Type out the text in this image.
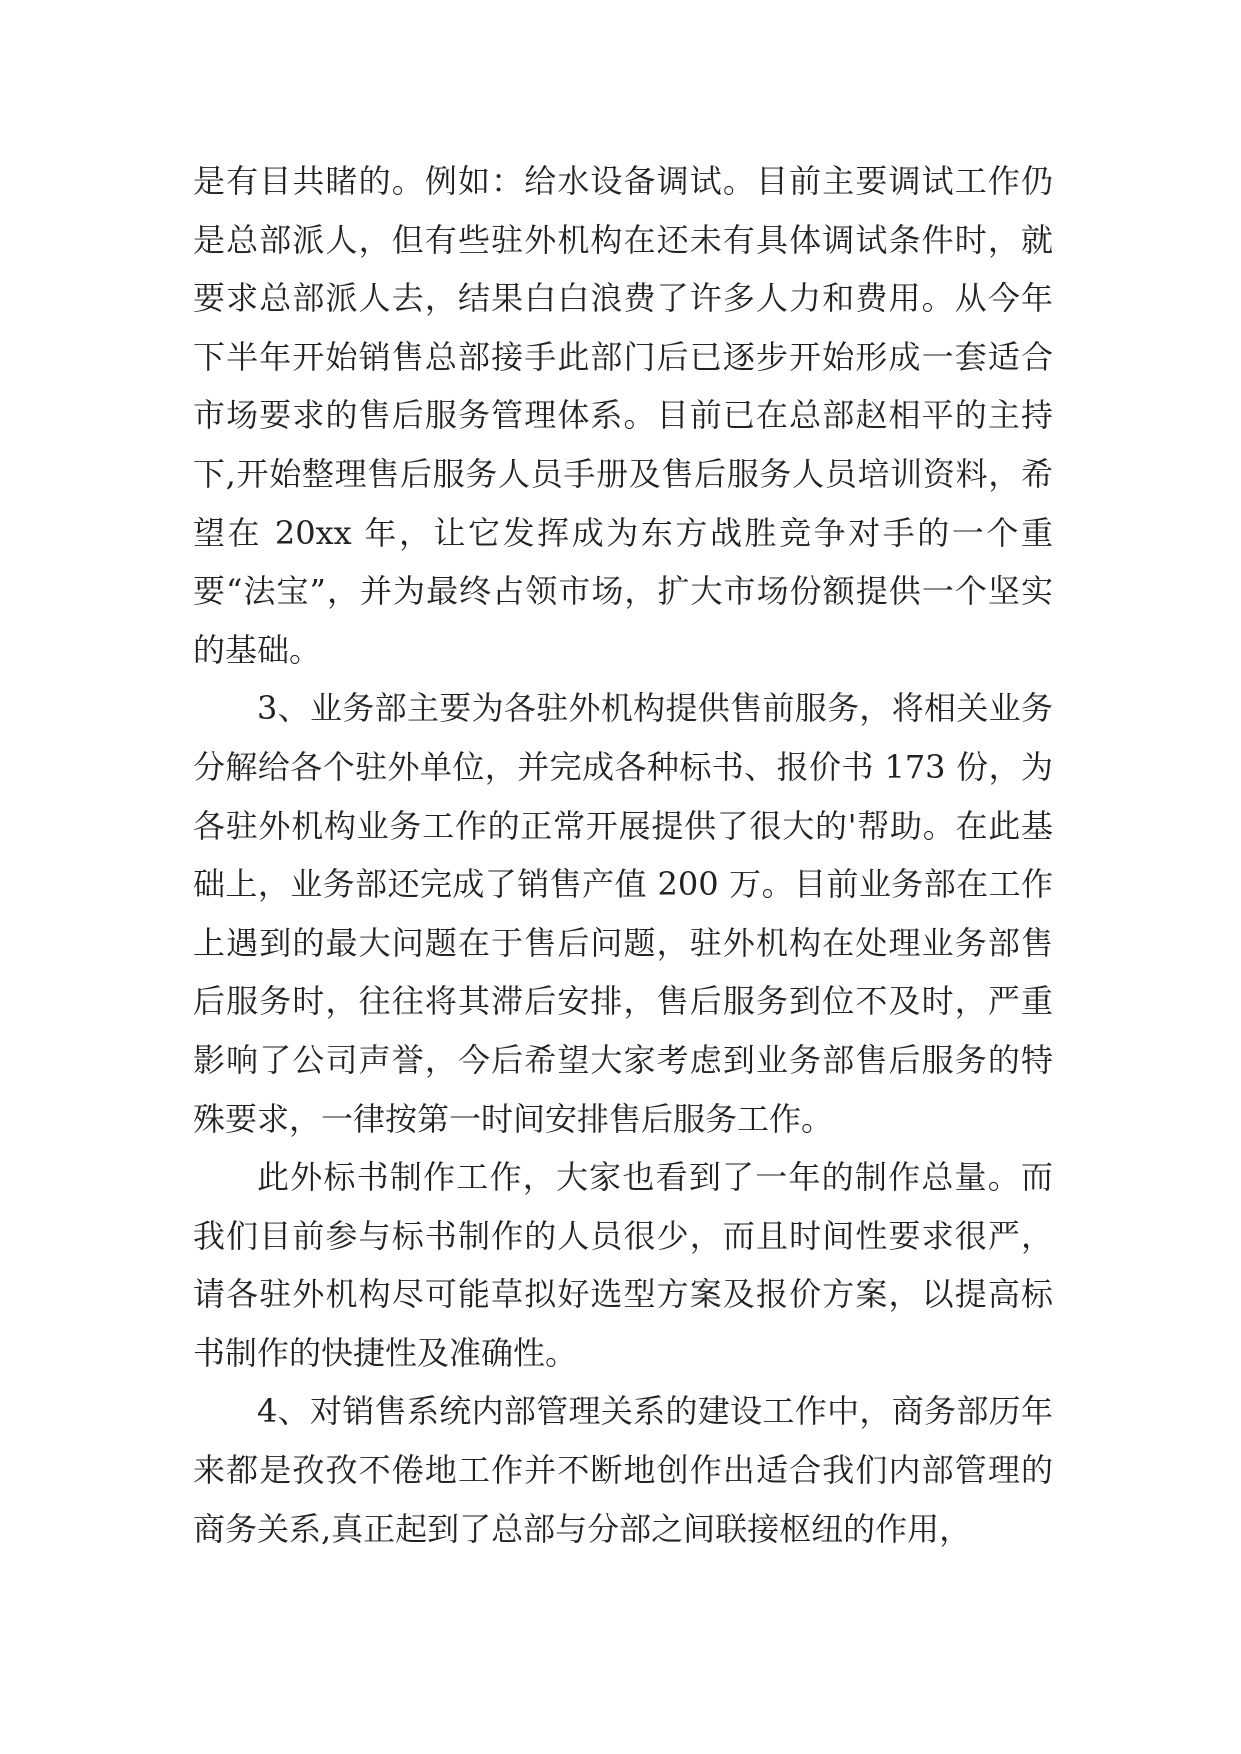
是有目共睹的。例如：给水设备调试。目前主要调试工作仍是总部派人，但有些驻外机构在还未有具体调试条件时，就要求总部派人去，结果白白浪费了许多人力和费用。从今年下半年开始销售总部接手此部门后已逐步开始形成一套适合市场要求的售后服务管理体系。目前已在总部赵相平的主持下,开始整理售后服务人员手册及售后服务人员培训资料，希望在 20xx 年，让它发挥成为东方战胜竞争对手的一个重要“法宝”，并为最终占领市场，扩大市场份额提供一个坚实的基础。

3、业务部主要为各驻外机构提供售前服务，将相关业务分解给各个驻外单位，并完成各种标书、报价书 173 份，为各驻外机构业务工作的正常开展提供了很大的'帮助。在此基础上，业务部还完成了销售产值 200 万。目前业务部在工作上遇到的最大问题在于售后问题，驻外机构在处理业务部售后服务时，往往将其滞后安排，售后服务到位不及时，严重影响了公司声誉，今后希望大家考虑到业务部售后服务的特殊要求，一律按第一时间安排售后服务工作。

此外标书制作工作，大家也看到了一年的制作总量。而我们目前参与标书制作的人员很少，而且时间性要求很严，请各驻外机构尽可能草拟好选型方案及报价方案，以提高标书制作的快捷性及准确性。

4、对销售系统内部管理关系的建设工作中，商务部历年来都是孜孜不倦地工作并不断地创作出适合我们内部管理的商务关系,真正起到了总部与分部之间联接枢纽的作用，
